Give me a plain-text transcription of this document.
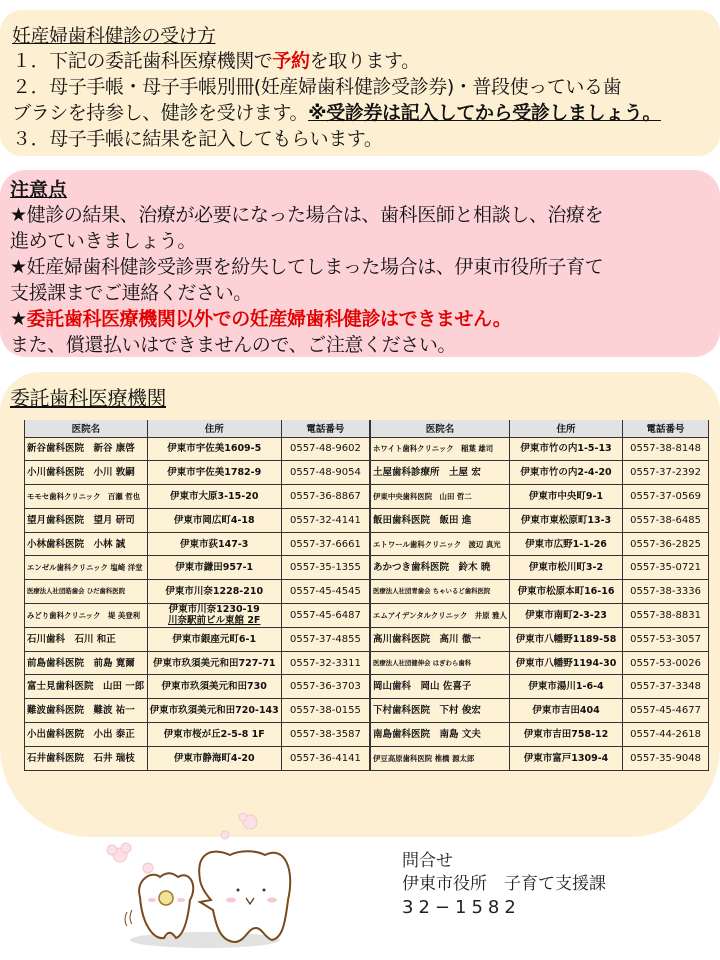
妊産婦歯科健診の受け方
１．下記の委託歯科医療機関で予約を取ります。
２．母子手帳・母子手帳別冊(妊産婦歯科健診受診券)・普段使っている歯
ブラシを持参し、健診を受けます。※受診券は記入してから受診しましょう。
３．母子手帳に結果を記入してもらいます。
注意点
★健診の結果、治療が必要になった場合は、歯科医師と相談し、治療を
進めていきましょう。
★妊産婦歯科健診受診票を紛失してしまった場合は、伊東市役所子育て
支援課までご連絡ください。
★委託歯科医療機関以外での妊産婦歯科健診はできません。
また、償還払いはできませんので、ご注意ください。
委託歯科医療機関
医院名	住所	電話番号	医院名	住所	電話番号
新谷歯科医院　新谷 康啓	伊東市宇佐美1609-5	0557-48-9602	ホワイト歯科クリニック　稲葉 雄司	伊東市竹の内1-5-13	0557-38-8148
小川歯科医院　小川 敦嗣	伊東市宇佐美1782-9	0557-48-9054	土屋歯科診療所　土屋 宏	伊東市竹の内2-4-20	0557-37-2392
モモセ歯科クリニック　百瀬 哲也	伊東市大原3-15-20	0557-36-8867	伊東中央歯科医院　山田 哲二	伊東市中央町9-1	0557-37-0569
望月歯科医院　望月 研司	伊東市岡広町4-18	0557-32-4141	飯田歯科医院　飯田 進	伊東市東松原町13-3	0557-38-6485
小林歯科医院　小林 誠	伊東市荻147-3	0557-37-6661	エトワール歯科クリニック　渡辺 真光	伊東市広野1-1-26	0557-36-2825
エンゼル歯科クリニック 塩崎 洋堂	伊東市鎌田957-1	0557-35-1355	あかつき歯科医院　鈴木 暁	伊東市松川町3-2	0557-35-0721
医療法人社団皓歯会 ひだ歯科医院	伊東市川奈1228-210	0557-45-4545	医療法人社団青歯会 ちゃいるど歯科医院	伊東市松原本町16-16	0557-38-3336
みどり歯科クリニック　堤 美登利	伊東市川奈1230-19
川奈駅前ビル東館 2F	0557-45-6487	エムアイデンタルクリニック　井原 雅人	伊東市南町2-3-23	0557-38-8831
石川歯科　石川 和正	伊東市銀座元町6-1	0557-37-4855	高川歯科医院　高川 徹一	伊東市八幡野1189-58	0557-53-3057
前島歯科医院　前島 寛爾	伊東市玖須美元和田727-71	0557-32-3311	医療法人社団健伸会 はぎわら歯科	伊東市八幡野1194-30	0557-53-0026
富士見歯科医院　山田 一郎	伊東市玖須美元和田730	0557-36-3703	岡山歯科　岡山 佐喜子	伊東市湯川1-6-4	0557-37-3348
難波歯科医院　難波 祐一	伊東市玖須美元和田720-143	0557-38-0155	下村歯科医院　下村 俊宏	伊東市吉田404	0557-45-4677
小出歯科医院　小出 泰正	伊東市桜が丘2-5-8 1F	0557-38-3587	南島歯科医院　南島 文夫	伊東市吉田758-12	0557-44-2618
石井歯科医院　石井 瑞枝	伊東市静海町4-20	0557-36-4141	伊豆高原歯科医院 椎橋 源太郎	伊東市富戸1309-4	0557-35-9048
問合せ
伊東市役所　子育て支援課
32−1582
